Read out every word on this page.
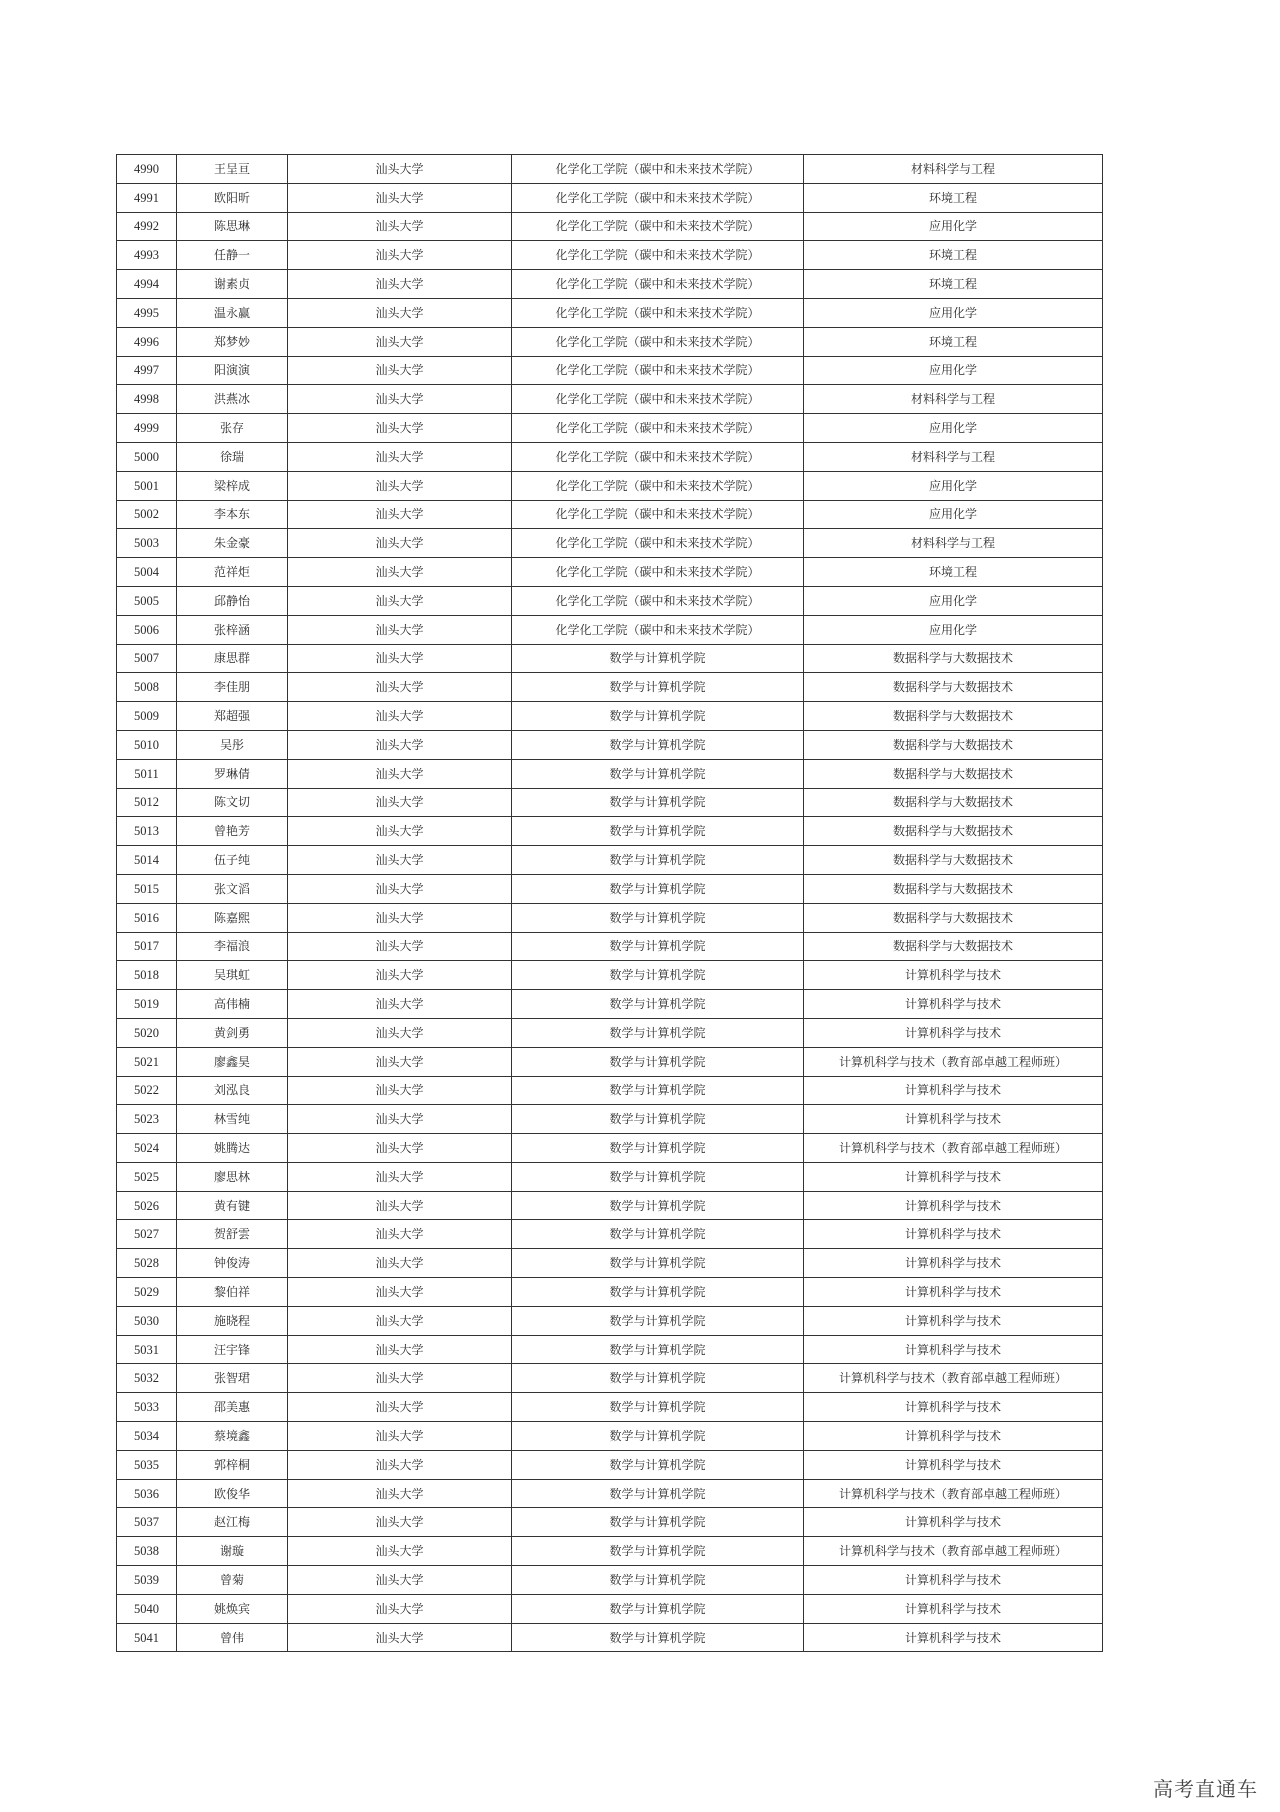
4990	王呈亘	汕头大学	化学化工学院（碳中和未来技术学院）	材料科学与工程
4991	欧阳昕	汕头大学	化学化工学院（碳中和未来技术学院）	环境工程
4992	陈思琳	汕头大学	化学化工学院（碳中和未来技术学院）	应用化学
4993	任静一	汕头大学	化学化工学院（碳中和未来技术学院）	环境工程
4994	谢素贞	汕头大学	化学化工学院（碳中和未来技术学院）	环境工程
4995	温永赢	汕头大学	化学化工学院（碳中和未来技术学院）	应用化学
4996	郑梦妙	汕头大学	化学化工学院（碳中和未来技术学院）	环境工程
4997	阳演演	汕头大学	化学化工学院（碳中和未来技术学院）	应用化学
4998	洪燕冰	汕头大学	化学化工学院（碳中和未来技术学院）	材料科学与工程
4999	张存	汕头大学	化学化工学院（碳中和未来技术学院）	应用化学
5000	徐瑞	汕头大学	化学化工学院（碳中和未来技术学院）	材料科学与工程
5001	梁梓成	汕头大学	化学化工学院（碳中和未来技术学院）	应用化学
5002	李本东	汕头大学	化学化工学院（碳中和未来技术学院）	应用化学
5003	朱金豪	汕头大学	化学化工学院（碳中和未来技术学院）	材料科学与工程
5004	范祥炬	汕头大学	化学化工学院（碳中和未来技术学院）	环境工程
5005	邱静怡	汕头大学	化学化工学院（碳中和未来技术学院）	应用化学
5006	张梓涵	汕头大学	化学化工学院（碳中和未来技术学院）	应用化学
5007	康思群	汕头大学	数学与计算机学院	数据科学与大数据技术
5008	李佳朋	汕头大学	数学与计算机学院	数据科学与大数据技术
5009	郑超强	汕头大学	数学与计算机学院	数据科学与大数据技术
5010	吴彤	汕头大学	数学与计算机学院	数据科学与大数据技术
5011	罗琳倩	汕头大学	数学与计算机学院	数据科学与大数据技术
5012	陈文切	汕头大学	数学与计算机学院	数据科学与大数据技术
5013	曾艳芳	汕头大学	数学与计算机学院	数据科学与大数据技术
5014	伍子纯	汕头大学	数学与计算机学院	数据科学与大数据技术
5015	张文滔	汕头大学	数学与计算机学院	数据科学与大数据技术
5016	陈嘉熙	汕头大学	数学与计算机学院	数据科学与大数据技术
5017	李福浪	汕头大学	数学与计算机学院	数据科学与大数据技术
5018	吴琪虹	汕头大学	数学与计算机学院	计算机科学与技术
5019	高伟楠	汕头大学	数学与计算机学院	计算机科学与技术
5020	黄剑勇	汕头大学	数学与计算机学院	计算机科学与技术
5021	廖鑫昊	汕头大学	数学与计算机学院	计算机科学与技术（教育部卓越工程师班）
5022	刘泓良	汕头大学	数学与计算机学院	计算机科学与技术
5023	林雪纯	汕头大学	数学与计算机学院	计算机科学与技术
5024	姚腾达	汕头大学	数学与计算机学院	计算机科学与技术（教育部卓越工程师班）
5025	廖思林	汕头大学	数学与计算机学院	计算机科学与技术
5026	黄有键	汕头大学	数学与计算机学院	计算机科学与技术
5027	贺舒雲	汕头大学	数学与计算机学院	计算机科学与技术
5028	钟俊涛	汕头大学	数学与计算机学院	计算机科学与技术
5029	黎伯祥	汕头大学	数学与计算机学院	计算机科学与技术
5030	施晓程	汕头大学	数学与计算机学院	计算机科学与技术
5031	汪宇锋	汕头大学	数学与计算机学院	计算机科学与技术
5032	张智珺	汕头大学	数学与计算机学院	计算机科学与技术（教育部卓越工程师班）
5033	邵美惠	汕头大学	数学与计算机学院	计算机科学与技术
5034	蔡境鑫	汕头大学	数学与计算机学院	计算机科学与技术
5035	郭梓桐	汕头大学	数学与计算机学院	计算机科学与技术
5036	欧俊华	汕头大学	数学与计算机学院	计算机科学与技术（教育部卓越工程师班）
5037	赵江梅	汕头大学	数学与计算机学院	计算机科学与技术
5038	谢璇	汕头大学	数学与计算机学院	计算机科学与技术（教育部卓越工程师班）
5039	曾菊	汕头大学	数学与计算机学院	计算机科学与技术
5040	姚焕宾	汕头大学	数学与计算机学院	计算机科学与技术
5041	曾伟	汕头大学	数学与计算机学院	计算机科学与技术
高考直通车
